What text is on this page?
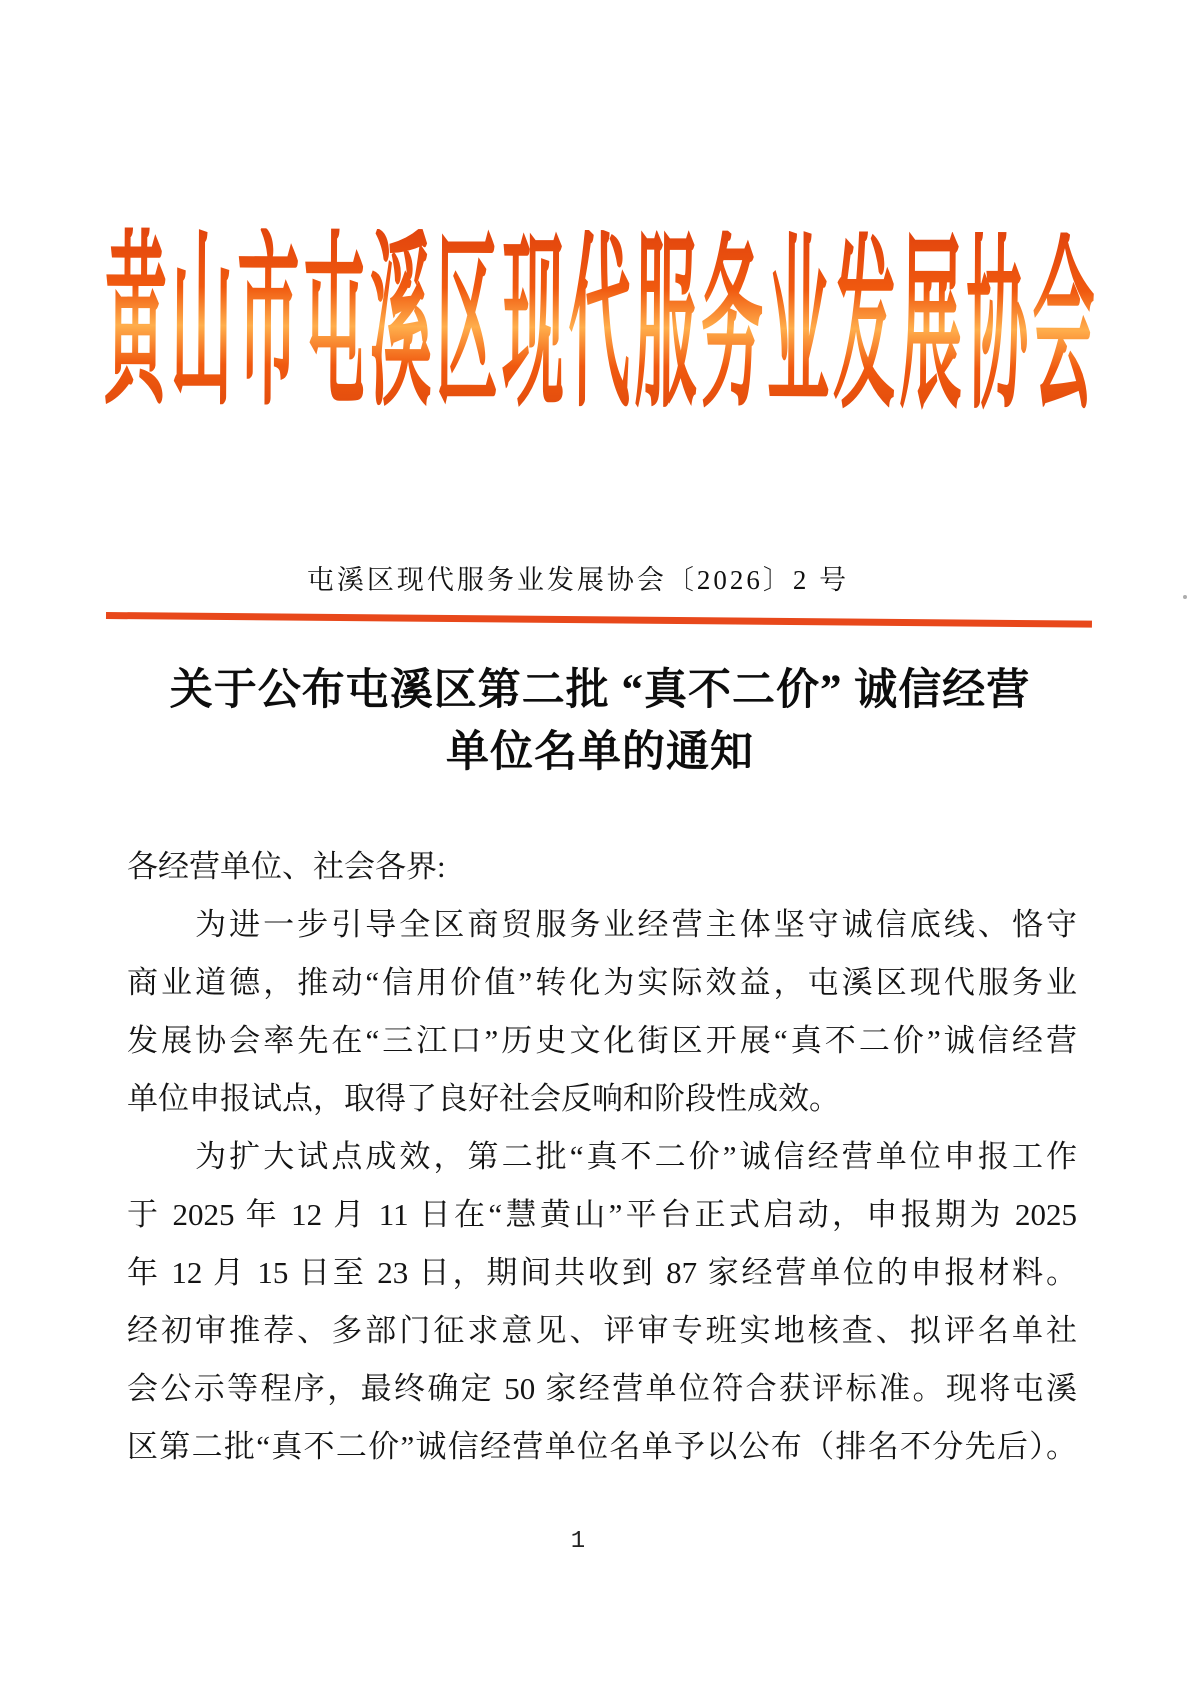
黄山市屯溪区现代服务业发展协会
屯溪区现代服务业发展协会〔2026〕2 号
关于公布屯溪区第二批 “真不二价” 诚信经营
单位名单的通知
各经营单位、社会各界:
　　为进一步引导全区商贸服务业经营主体坚守诚信底线、恪守
商业道德，推动“信用价值”转化为实际效益，屯溪区现代服务业
发展协会率先在“三江口”历史文化街区开展“真不二价”诚信经营
单位申报试点，取得了良好社会反响和阶段性成效。
　　为扩大试点成效，第二批“真不二价”诚信经营单位申报工作
于 2025 年 12 月 11 日在“慧黄山”平台正式启动，申报期为 2025
年 12 月 15 日至 23 日，期间共收到 87 家经营单位的申报材料。
经初审推荐、多部门征求意见、评审专班实地核查、拟评名单社
会公示等程序，最终确定 50 家经营单位符合获评标准。现将屯溪
区第二批“真不二价”诚信经营单位名单予以公布（排名不分先后）。
1
